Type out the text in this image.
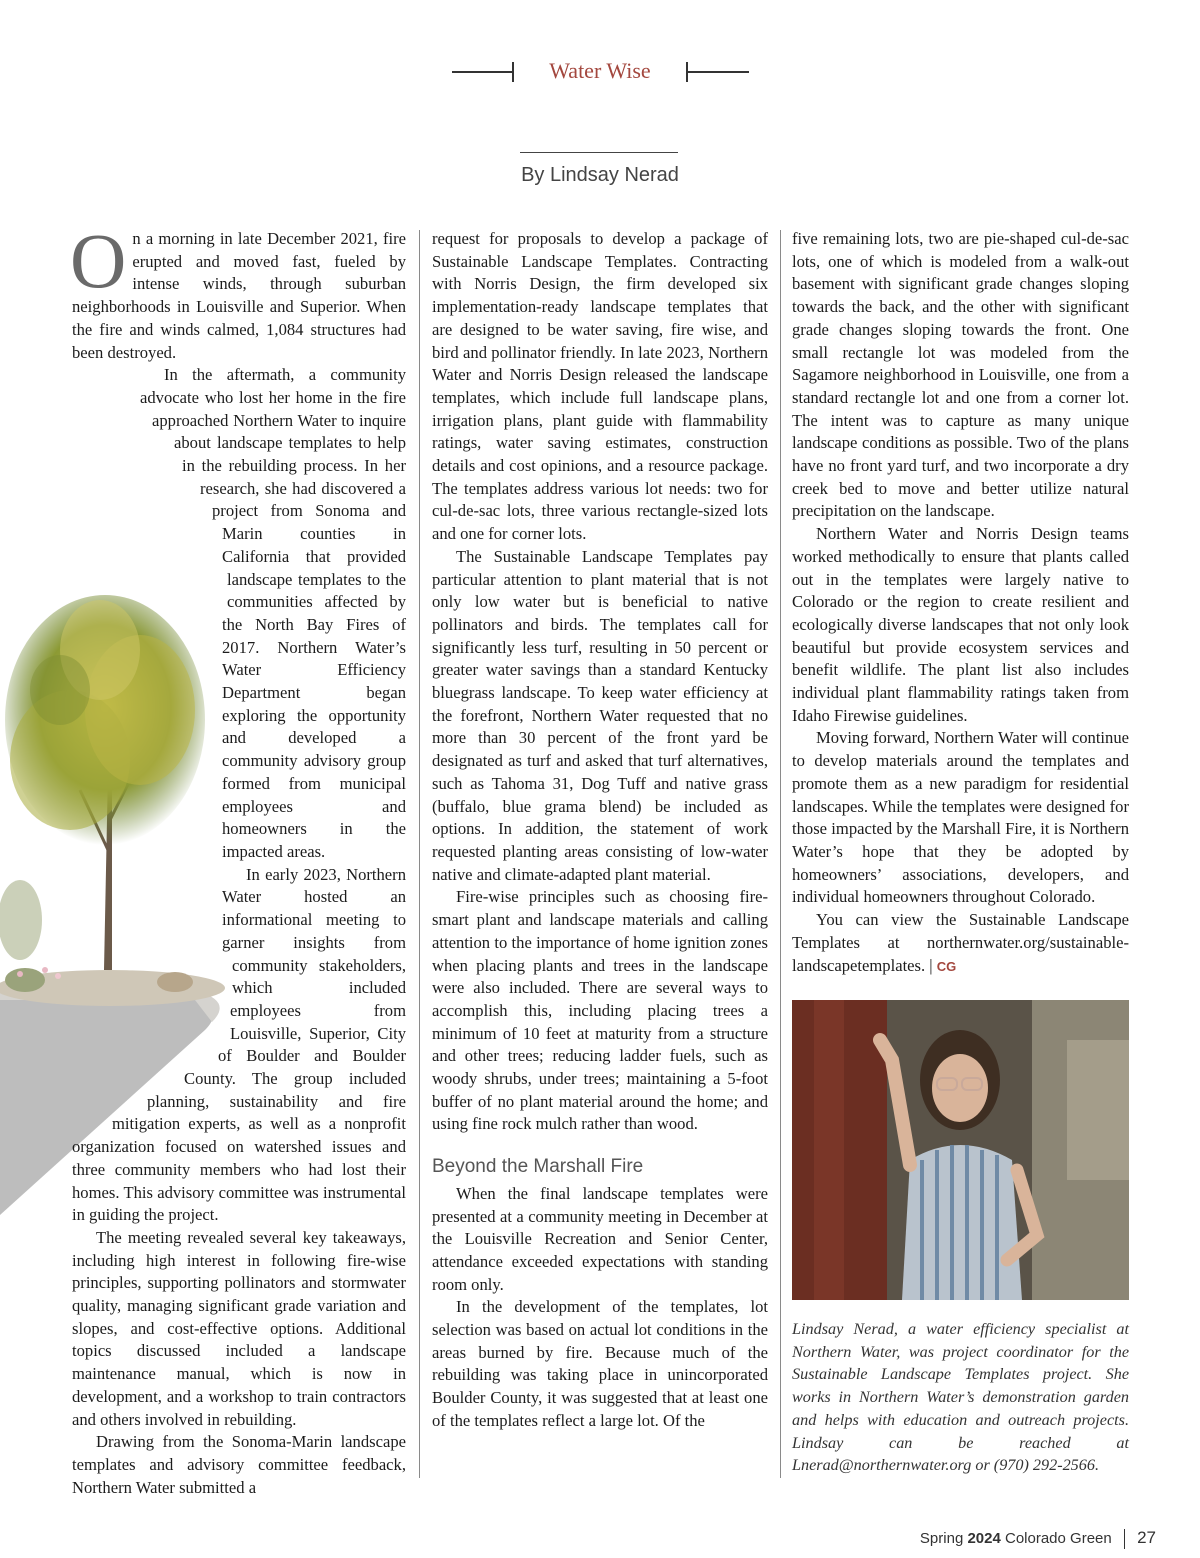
Water Wise
By Lindsay Nerad
O n a morning in late December 2021, fire erupted and moved fast, fueled by intense winds, through suburban neighborhoods in Louisville and Superior. When the fire and winds calmed, 1,084 structures had been destroyed.

In the aftermath, a community advocate who lost her home in the fire approached Northern Water to inquire about landscape templates to help in the rebuilding process. In her research, she had discovered a project from Sonoma and Marin counties in California that provided landscape templates to the communities affected by the North Bay Fires of 2017. Northern Water’s Water Efficiency Department began exploring the opportunity and developed a community advisory group formed from municipal employees and homeowners in the impacted areas.

In early 2023, Northern Water hosted an informational meeting to garner insights from community stakeholders, which included employees from Louisville, Superior, City of Boulder and Boulder County. The group included planning, sustainability and fire mitigation experts, as well as a nonprofit organization focused on watershed issues and three community members who had lost their homes. This advisory committee was instrumental in guiding the project.

The meeting revealed several key takeaways, including high interest in following fire-wise principles, supporting pollinators and stormwater quality, managing significant grade variation and slopes, and cost-effective options. Additional topics discussed included a landscape maintenance manual, which is now in development, and a workshop to train contractors and others involved in rebuilding.

Drawing from the Sonoma-Marin landscape templates and advisory committee feedback, Northern Water submitted a

request for proposals to develop a package of Sustainable Landscape Templates. Contracting with Norris Design, the firm developed six implementation-ready landscape templates that are designed to be water saving, fire wise, and bird and pollinator friendly. In late 2023, Northern Water and Norris Design released the landscape templates, which include full landscape plans, irrigation plans, plant guide with flammability ratings, water saving estimates, construction details and cost opinions, and a resource package. The templates address various lot needs: two for cul-de-sac lots, three various rectangle-sized lots and one for corner lots.

The Sustainable Landscape Templates pay particular attention to plant material that is not only low water but is beneficial to native pollinators and birds. The templates call for significantly less turf, resulting in 50 percent or greater water savings than a standard Kentucky bluegrass landscape. To keep water efficiency at the forefront, Northern Water requested that no more than 30 percent of the front yard be designated as turf and asked that turf alternatives, such as Tahoma 31, Dog Tuff and native grass (buffalo, blue grama blend) be included as options. In addition, the statement of work requested planting areas consisting of low-water native and climate-adapted plant material.

Fire-wise principles such as choosing fire-smart plant and landscape materials and calling attention to the importance of home ignition zones when placing plants and trees in the landscape were also included. There are several ways to accomplish this, including placing trees a minimum of 10 feet at maturity from a structure and other trees; reducing ladder fuels, such as woody shrubs, under trees; maintaining a 5-foot buffer of no plant material around the home; and using fine rock mulch rather than wood.

Beyond the Marshall Fire

When the final landscape templates were presented at a community meeting in December at the Louisville Recreation and Senior Center, attendance exceeded expectations with standing room only.

In the development of the templates, lot selection was based on actual lot conditions in the areas burned by fire. Because much of the rebuilding was taking place in unincorporated Boulder County, it was suggested that at least one of the templates reflect a large lot. Of the

five remaining lots, two are pie-shaped cul-de-sac lots, one of which is modeled from a walk-out basement with significant grade changes sloping towards the back, and the other with significant grade changes sloping towards the front. One small rectangle lot was modeled from the Sagamore neighborhood in Louisville, one from a standard rectangle lot and one from a corner lot. The intent was to capture as many unique landscape conditions as possible. Two of the plans have no front yard turf, and two incorporate a dry creek bed to move and better utilize natural precipitation on the landscape.

Northern Water and Norris Design teams worked methodically to ensure that plants called out in the templates were largely native to Colorado or the region to create resilient and ecologically diverse landscapes that not only look beautiful but provide ecosystem services and benefit wildlife. The plant list also includes individual plant flammability ratings taken from Idaho Firewise guidelines.

Moving forward, Northern Water will continue to develop materials around the templates and promote them as a new paradigm for residential landscapes. While the templates were designed for those impacted by the Marshall Fire, it is Northern Water’s hope that they be adopted by homeowners’ associations, developers, and individual homeowners throughout Colorado.

You can view the Sustainable Landscape Templates at northernwater.org/sustainable-landscapetemplates. | CG

Lindsay Nerad, a water efficiency specialist at Northern Water, was project coordinator for the Sustainable Landscape Templates project. She works in Northern Water’s demonstration garden and helps with education and outreach projects. Lindsay can be reached at Lnerad@northernwater.org or (970) 292-2566.
Spring 2024 Colorado Green 27
